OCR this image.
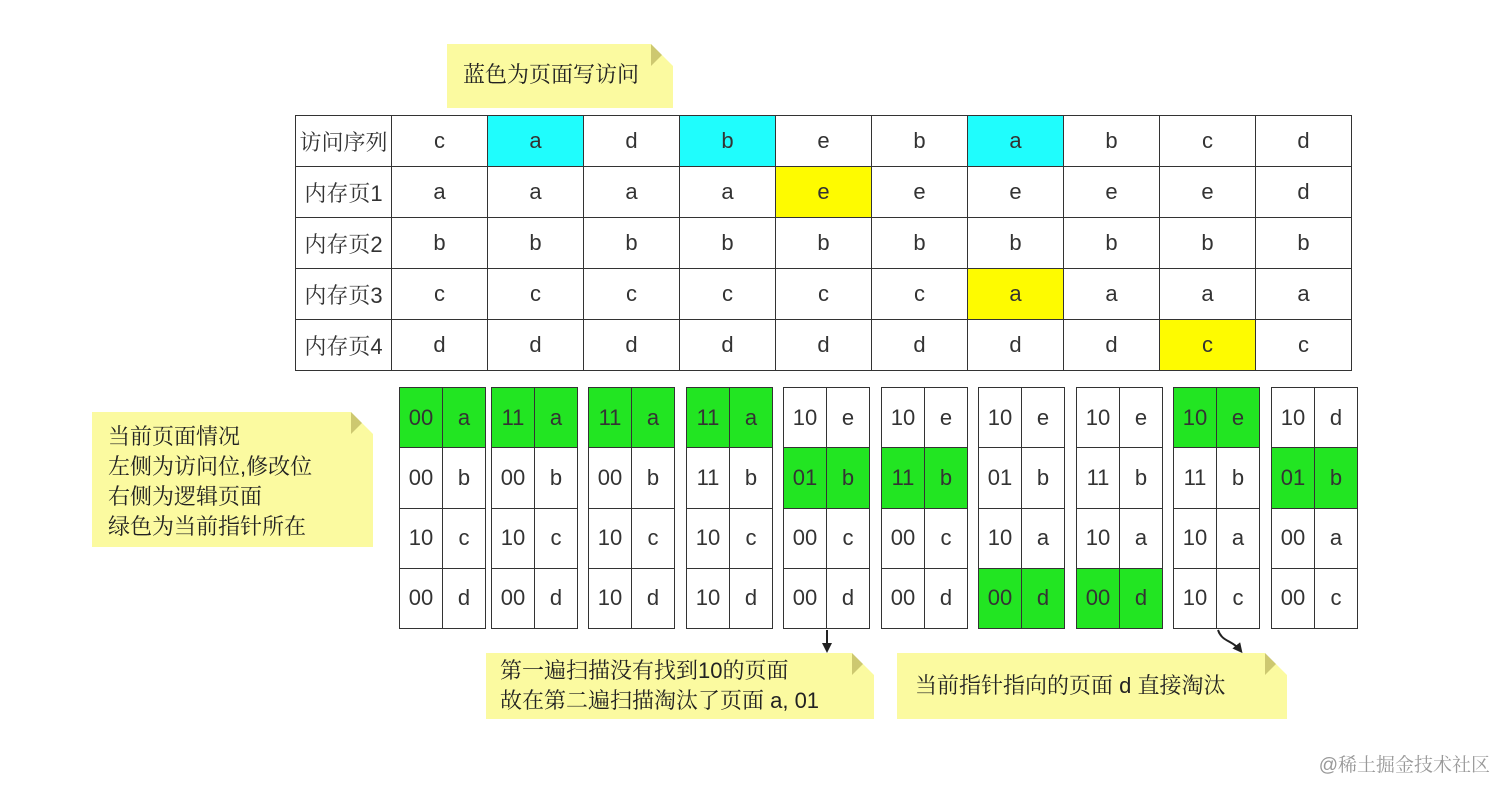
蓝色为页面写访问
当前页面情况
左侧为访问位,修改位
右侧为逻辑页面
绿色为当前指针所在
第一遍扫描没有找到10的页面
故在第二遍扫描淘汰了页面 a, 01
当前指针指向的页面 d 直接淘汰
访问序列	c	a	d	b	e	b	a	b	c	d
内存页1	a	a	a	a	e	e	e	e	e	d
内存页2	b	b	b	b	b	b	b	b	b	b
内存页3	c	c	c	c	c	c	a	a	a	a
内存页4	d	d	d	d	d	d	d	d	c	c
00	a
00	b
10	c
00	d
11	a
00	b
10	c
00	d
11	a
00	b
10	c
10	d
11	a
11	b
10	c
10	d
10	e
01	b
00	c
00	d
10	e
11	b
00	c
00	d
10	e
01	b
10	a
00	d
10	e
11	b
10	a
00	d
10	e
11	b
10	a
10	c
10	d
01	b
00	a
00	c
@稀土掘金技术社区
